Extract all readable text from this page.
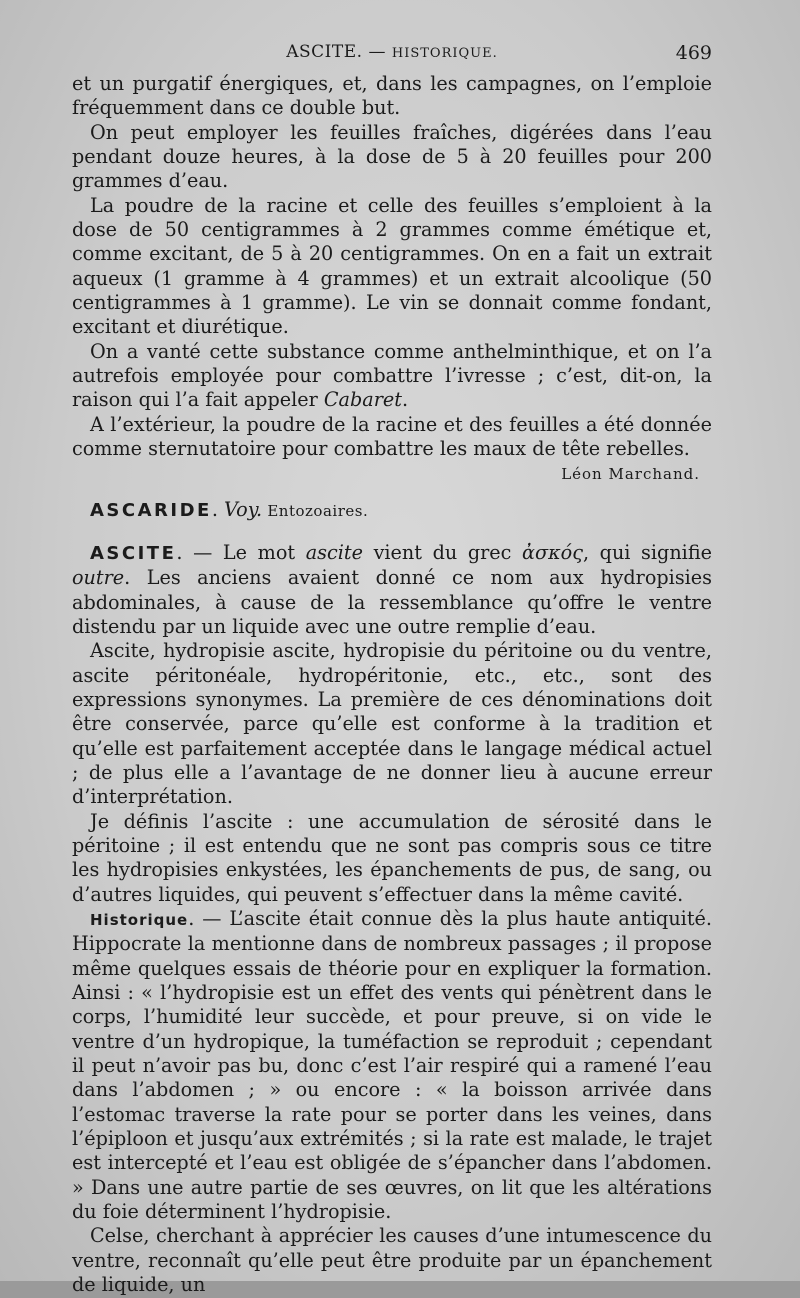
ASCITE. — HISTORIQUE.	469

et un purgatif énergiques, et, dans les campagnes, on l’emploie fréquemment dans ce double but.

On peut employer les feuilles fraîches, digérées dans l’eau pendant douze heures, à la dose de 5 à 20 feuilles pour 200 grammes d’eau.

La poudre de la racine et celle des feuilles s’emploient à la dose de 50 centigrammes à 2 grammes comme émétique et, comme excitant, de 5 à 20 centigrammes. On en a fait un extrait aqueux (1 gramme à 4 grammes) et un extrait alcoolique (50 centigrammes à 1 gramme). Le vin se donnait comme fondant, excitant et diurétique.

On a vanté cette substance comme anthelminthique, et on l’a autrefois employée pour combattre l’ivresse ; c’est, dit-on, la raison qui l’a fait appeler Cabaret.

A l’extérieur, la poudre de la racine et des feuilles a été donnée comme sternutatoire pour combattre les maux de tête rebelles.

Léon Marchand.

ASCARIDE. Voy. Entozoaires.

ASCITE. — Le mot ascite vient du grec ἀσκός, qui signifie outre. Les anciens avaient donné ce nom aux hydropisies abdominales, à cause de la ressemblance qu’offre le ventre distendu par un liquide avec une outre remplie d’eau.

Ascite, hydropisie ascite, hydropisie du péritoine ou du ventre, ascite péritonéale, hydropéritonie, etc., etc., sont des expressions synonymes. La première de ces dénominations doit être conservée, parce qu’elle est conforme à la tradition et qu’elle est parfaitement acceptée dans le langage médical actuel ; de plus elle a l’avantage de ne donner lieu à aucune erreur d’interprétation.

Je définis l’ascite : une accumulation de sérosité dans le péritoine ; il est entendu que ne sont pas compris sous ce titre les hydropisies enkystées, les épanchements de pus, de sang, ou d’autres liquides, qui peuvent s’effectuer dans la même cavité.

Historique. — L’ascite était connue dès la plus haute antiquité. Hippocrate la mentionne dans de nombreux passages ; il propose même quelques essais de théorie pour en expliquer la formation. Ainsi : « l’hydropisie est un effet des vents qui pénètrent dans le corps, l’humidité leur succède, et pour preuve, si on vide le ventre d’un hydropique, la tuméfaction se reproduit ; cependant il peut n’avoir pas bu, donc c’est l’air respiré qui a ramené l’eau dans l’abdomen ; » ou encore : « la boisson arrivée dans l’estomac traverse la rate pour se porter dans les veines, dans l’épiploon et jusqu’aux extrémités ; si la rate est malade, le trajet est intercepté et l’eau est obligée de s’épancher dans l’abdomen. » Dans une autre partie de ses œuvres, on lit que les altérations du foie déterminent l’hydropisie.

Celse, cherchant à apprécier les causes d’une intumescence du ventre, reconnaît qu’elle peut être produite par un épanchement de liquide, un
